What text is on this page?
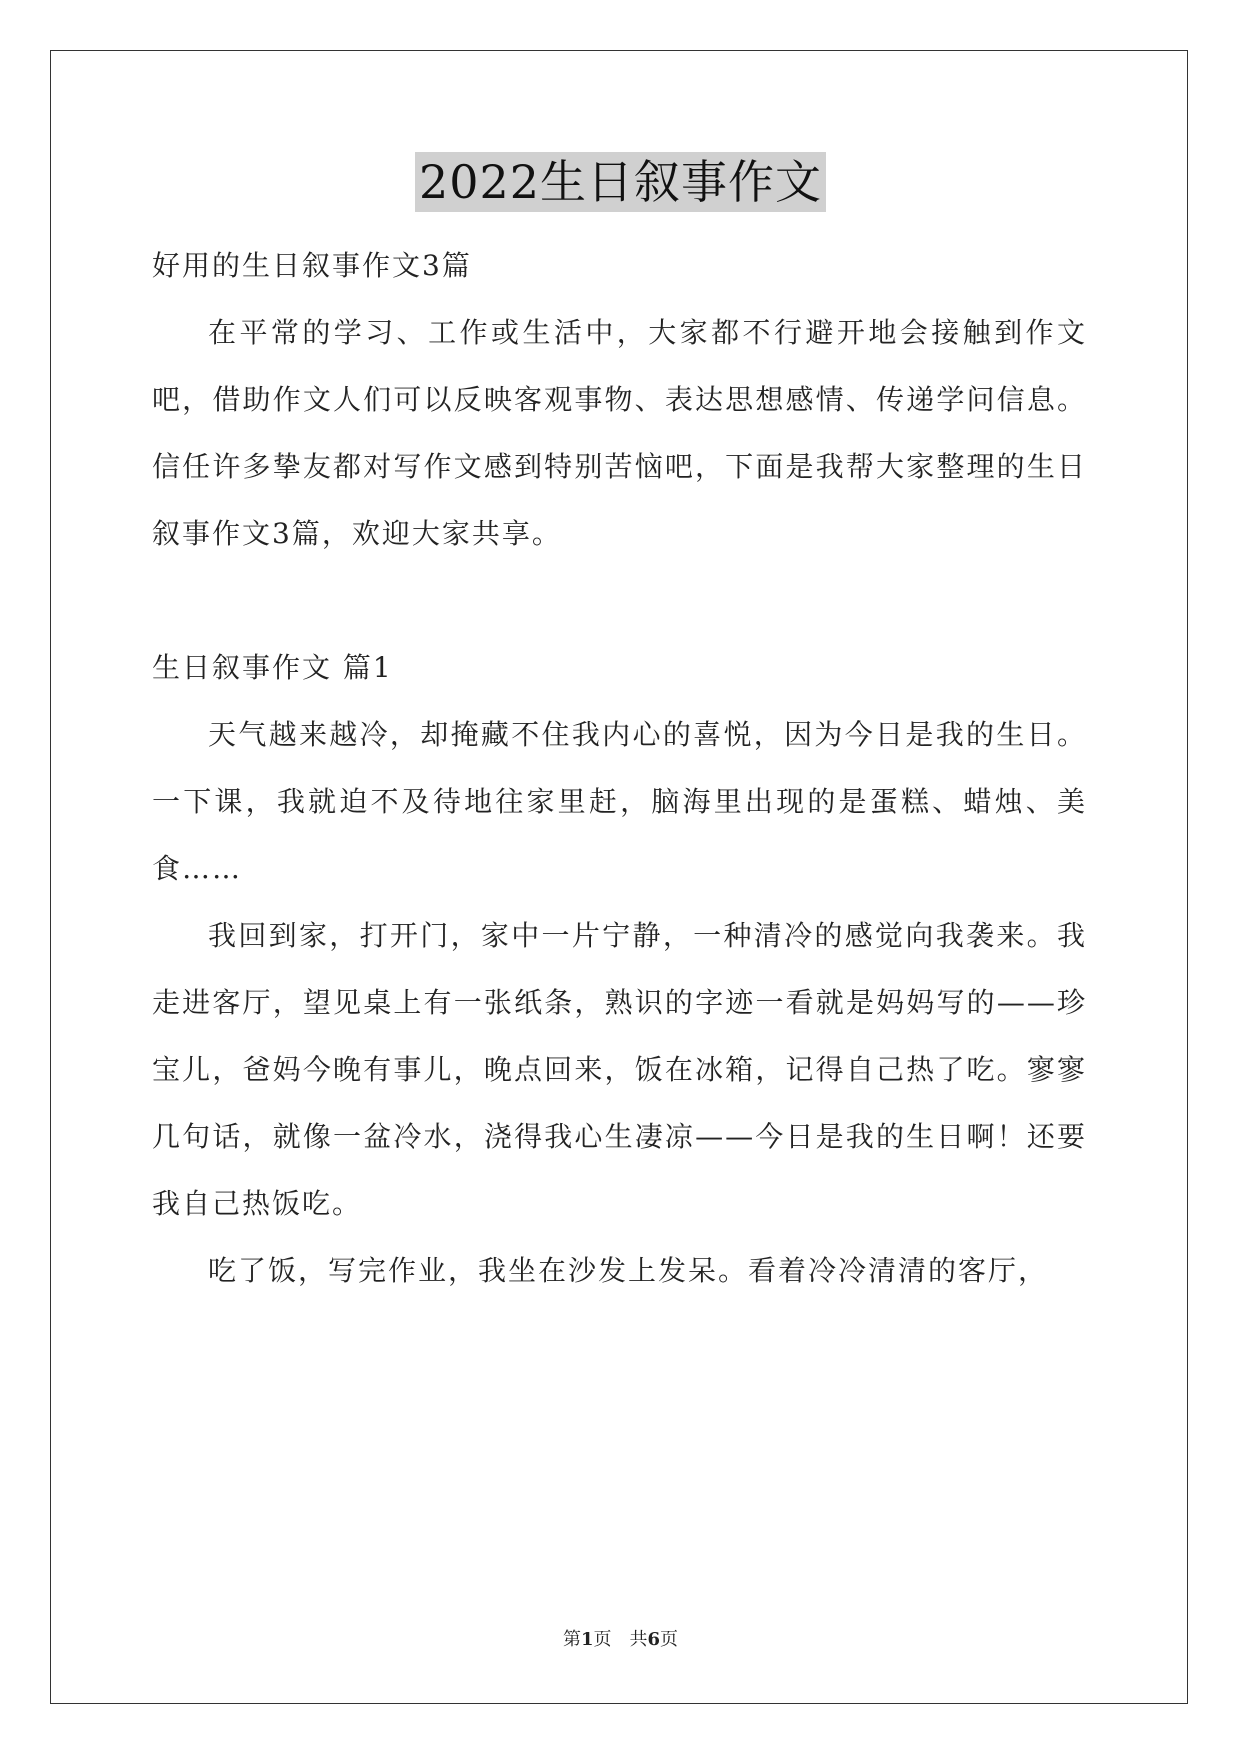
2022生日叙事作文

好用的生日叙事作文3篇

在平常的学习、工作或生活中，大家都不行避开地会接触到作文吧，借助作文人们可以反映客观事物、表达思想感情、传递学问信息。信任许多挚友都对写作文感到特别苦恼吧，下面是我帮大家整理的生日叙事作文3篇，欢迎大家共享。

生日叙事作文 篇1

天气越来越冷，却掩藏不住我内心的喜悦，因为今日是我的生日。一下课，我就迫不及待地往家里赶，脑海里出现的是蛋糕、蜡烛、美食……

我回到家，打开门，家中一片宁静，一种清冷的感觉向我袭来。我走进客厅，望见桌上有一张纸条，熟识的字迹一看就是妈妈写的——珍宝儿，爸妈今晚有事儿，晚点回来，饭在冰箱，记得自己热了吃。寥寥几句话，就像一盆冷水，浇得我心生凄凉——今日是我的生日啊！还要我自己热饭吃。

吃了饭，写完作业，我坐在沙发上发呆。看着冷冷清清的客厅，

第1页　共6页
